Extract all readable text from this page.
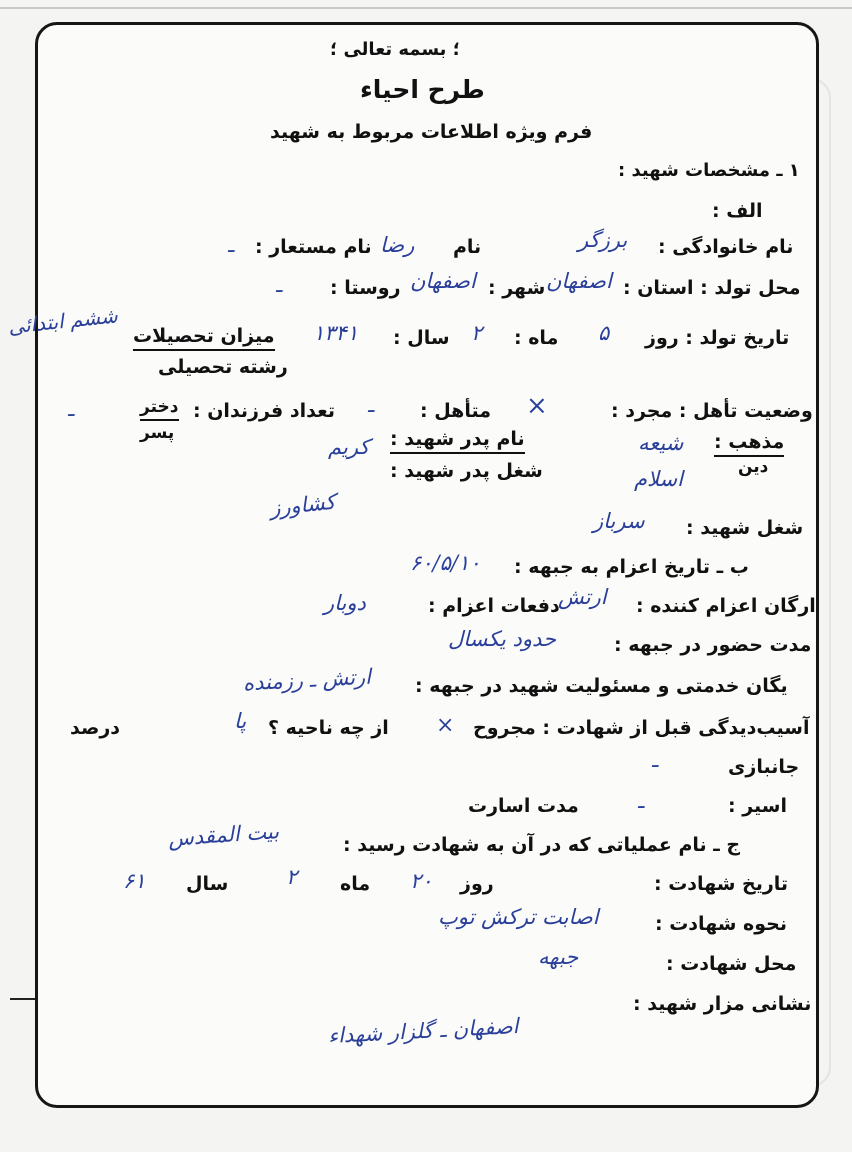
؛ بسمه تعالی ؛
طرح احیاء
فرم ویژه اطلاعات مربوط به شهید
۱ ـ مشخصات شهید :
الف :
نام خانوادگی :
برزگر
نام
رضا
نام مستعار :
ـ
محل تولد : استان :
اصفهان
شهر :
اصفهان
روستا :
ـ
تاریخ تولد : روز
۵
ماه :
۲
سال :
۱۳۴۱
میزان تحصیلات
رشته تحصیلی
ششم ابتدائی
وضعیت تأهل : مجرد :
×
متأهل :
ـ
تعداد فرزندان :
دختر
پسر
ـ
مذهب :
دین
شیعه
اسلام
نام پدر شهید :
کریم
شغل پدر شهید :
کشاورز
شغل شهید :
سرباز
ب ـ تاریخ اعزام به جبهه :
۶۰/۵/۱۰
ارگان اعزام کننده :
ارتش
دفعات اعزام :
دوبار
مدت حضور در جبهه :
حدود یکسال
یگان خدمتی و مسئولیت شهید در جبهه :
ارتش ـ رزمنده
آسیب‌دیدگی قبل از شهادت : مجروح
×
از چه ناحیه ؟
پا
درصد
جانبازی
ـ
اسیر :
ـ
مدت اسارت
ج ـ نام عملیاتی که در آن به شهادت رسید :
بیت المقدس
تاریخ شهادت :
روز
۲۰
ماه
۲
سال
۶۱
نحوه شهادت :
اصابت ترکش توپ
محل شهادت :
جبهه
نشانی مزار شهید :
اصفهان ـ گلزار شهداء
